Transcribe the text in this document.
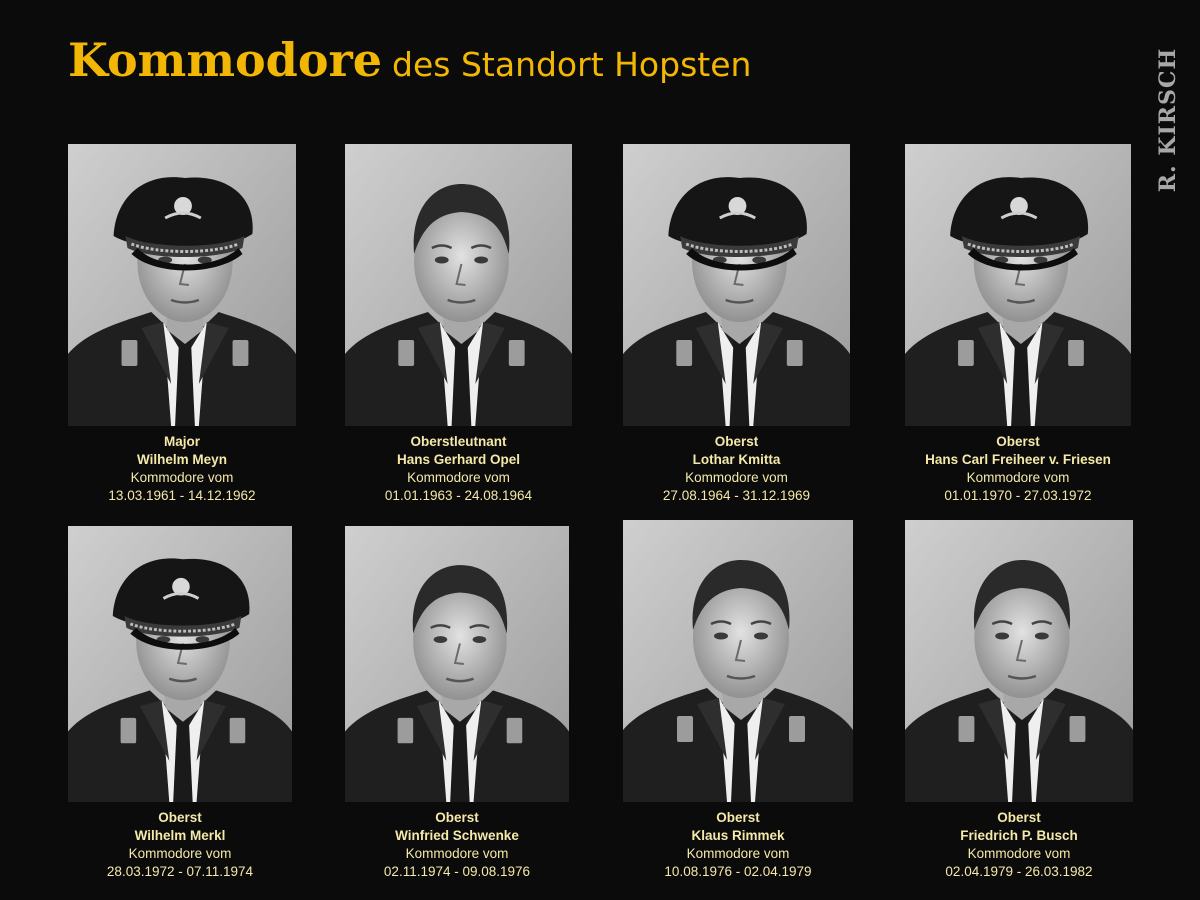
Kommodore des Standort Hopsten	R. KIRSCH
Major
Wilhelm Meyn
Kommodore vom
13.03.1961 - 14.12.1962
Oberstleutnant
Hans Gerhard Opel
Kommodore vom
01.01.1963 - 24.08.1964
Oberst
Lothar Kmitta
Kommodore vom
27.08.1964 - 31.12.1969
Oberst
Hans Carl Freiheer v. Friesen
Kommodore vom
01.01.1970 - 27.03.1972
Oberst
Wilhelm Merkl
Kommodore vom
28.03.1972 - 07.11.1974
Oberst
Winfried Schwenke
Kommodore vom
02.11.1974 - 09.08.1976
Oberst
Klaus Rimmek
Kommodore vom
10.08.1976 - 02.04.1979
Oberst
Friedrich P. Busch
Kommodore vom
02.04.1979 - 26.03.1982
